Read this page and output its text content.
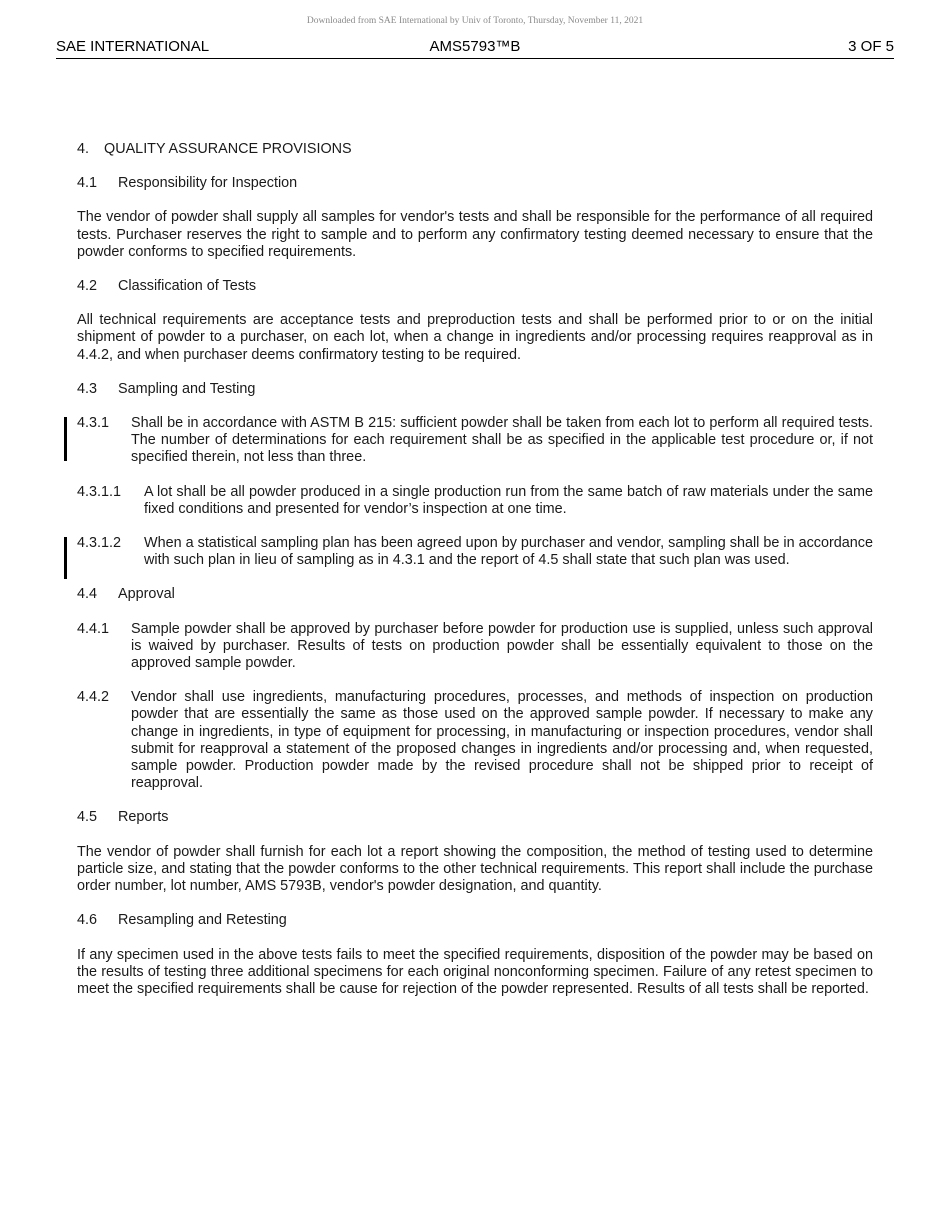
Downloaded from SAE International by Univ of Toronto, Thursday, November 11, 2021
SAE INTERNATIONAL	AMS5793™B	3 OF 5
4.	QUALITY ASSURANCE PROVISIONS
4.1	Responsibility for Inspection

The vendor of powder shall supply all samples for vendor's tests and shall be responsible for the performance of all required tests. Purchaser reserves the right to sample and to perform any confirmatory testing deemed necessary to ensure that the powder conforms to specified requirements.

4.2	Classification of Tests

All technical requirements are acceptance tests and preproduction tests and shall be performed prior to or on the initial shipment of powder to a purchaser, on each lot, when a change in ingredients and/or processing requires reapproval as in 4.4.2, and when purchaser deems confirmatory testing to be required.

4.3	Sampling and Testing
4.3.1	Shall be in accordance with ASTM B 215: sufficient powder shall be taken from each lot to perform all required tests. The number of determinations for each requirement shall be as specified in the applicable test procedure or, if not specified therein, not less than three.
4.3.1.1	A lot shall be all powder produced in a single production run from the same batch of raw materials under the same fixed conditions and presented for vendor’s inspection at one time.
4.3.1.2	When a statistical sampling plan has been agreed upon by purchaser and vendor, sampling shall be in accordance with such plan in lieu of sampling as in 4.3.1 and the report of 4.5 shall state that such plan was used.
4.4	Approval
4.4.1	Sample powder shall be approved by purchaser before powder for production use is supplied, unless such approval is waived by purchaser. Results of tests on production powder shall be essentially equivalent to those on the approved sample powder.
4.4.2	Vendor shall use ingredients, manufacturing procedures, processes, and methods of inspection on production powder that are essentially the same as those used on the approved sample powder. If necessary to make any change in ingredients, in type of equipment for processing, in manufacturing or inspection procedures, vendor shall submit for reapproval a statement of the proposed changes in ingredients and/or processing and, when requested, sample powder. Production powder made by the revised procedure shall not be shipped prior to receipt of reapproval.
4.5	Reports

The vendor of powder shall furnish for each lot a report showing the composition, the method of testing used to determine particle size, and stating that the powder conforms to the other technical requirements. This report shall include the purchase order number, lot number, AMS 5793B, vendor's powder designation, and quantity.

4.6	Resampling and Retesting

If any specimen used in the above tests fails to meet the specified requirements, disposition of the powder may be based on the results of testing three additional specimens for each original nonconforming specimen. Failure of any retest specimen to meet the specified requirements shall be cause for rejection of the powder represented. Results of all tests shall be reported.
